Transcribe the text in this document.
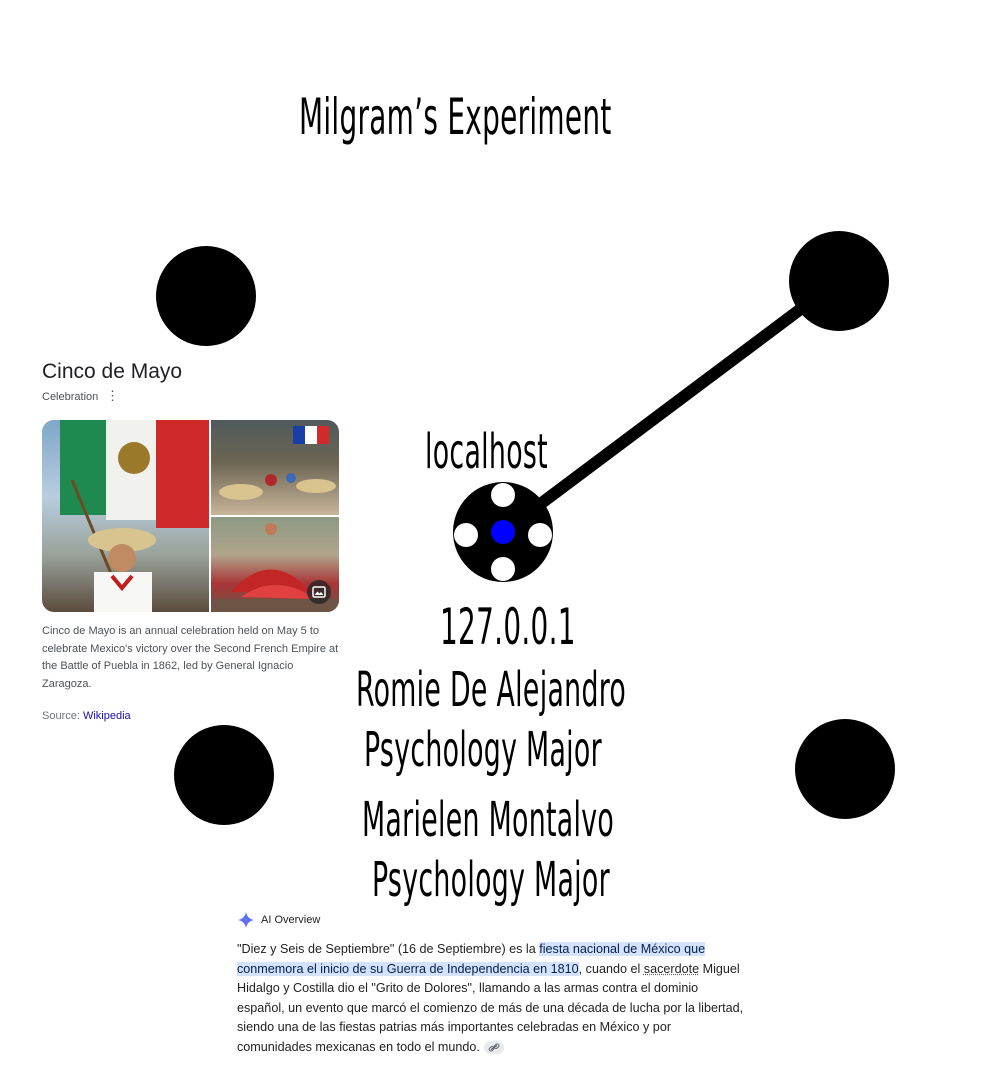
Milgram’s Experiment
localhost
127.0.0.1
Romie De Alejandro
Psychology Major
Marielen Montalvo
Psychology Major
Cinco de Mayo
Celebration ⋮
Cinco de Mayo is an annual celebration held on May 5 to celebrate Mexico's victory over the Second French Empire at the Battle of Puebla in 1862, led by General Ignacio Zaragoza.
Source: Wikipedia
AI Overview
"Diez y Seis de Septiembre" (16 de Septiembre) es la fiesta nacional de México que conmemora el inicio de su Guerra de Independencia en 1810, cuando el sacerdote Miguel Hidalgo y Costilla dio el "Grito de Dolores", llamando a las armas contra el dominio español, un evento que marcó el comienzo de más de una década de lucha por la libertad, siendo una de las fiestas patrias más importantes celebradas en México y por comunidades mexicanas en todo el mundo.
